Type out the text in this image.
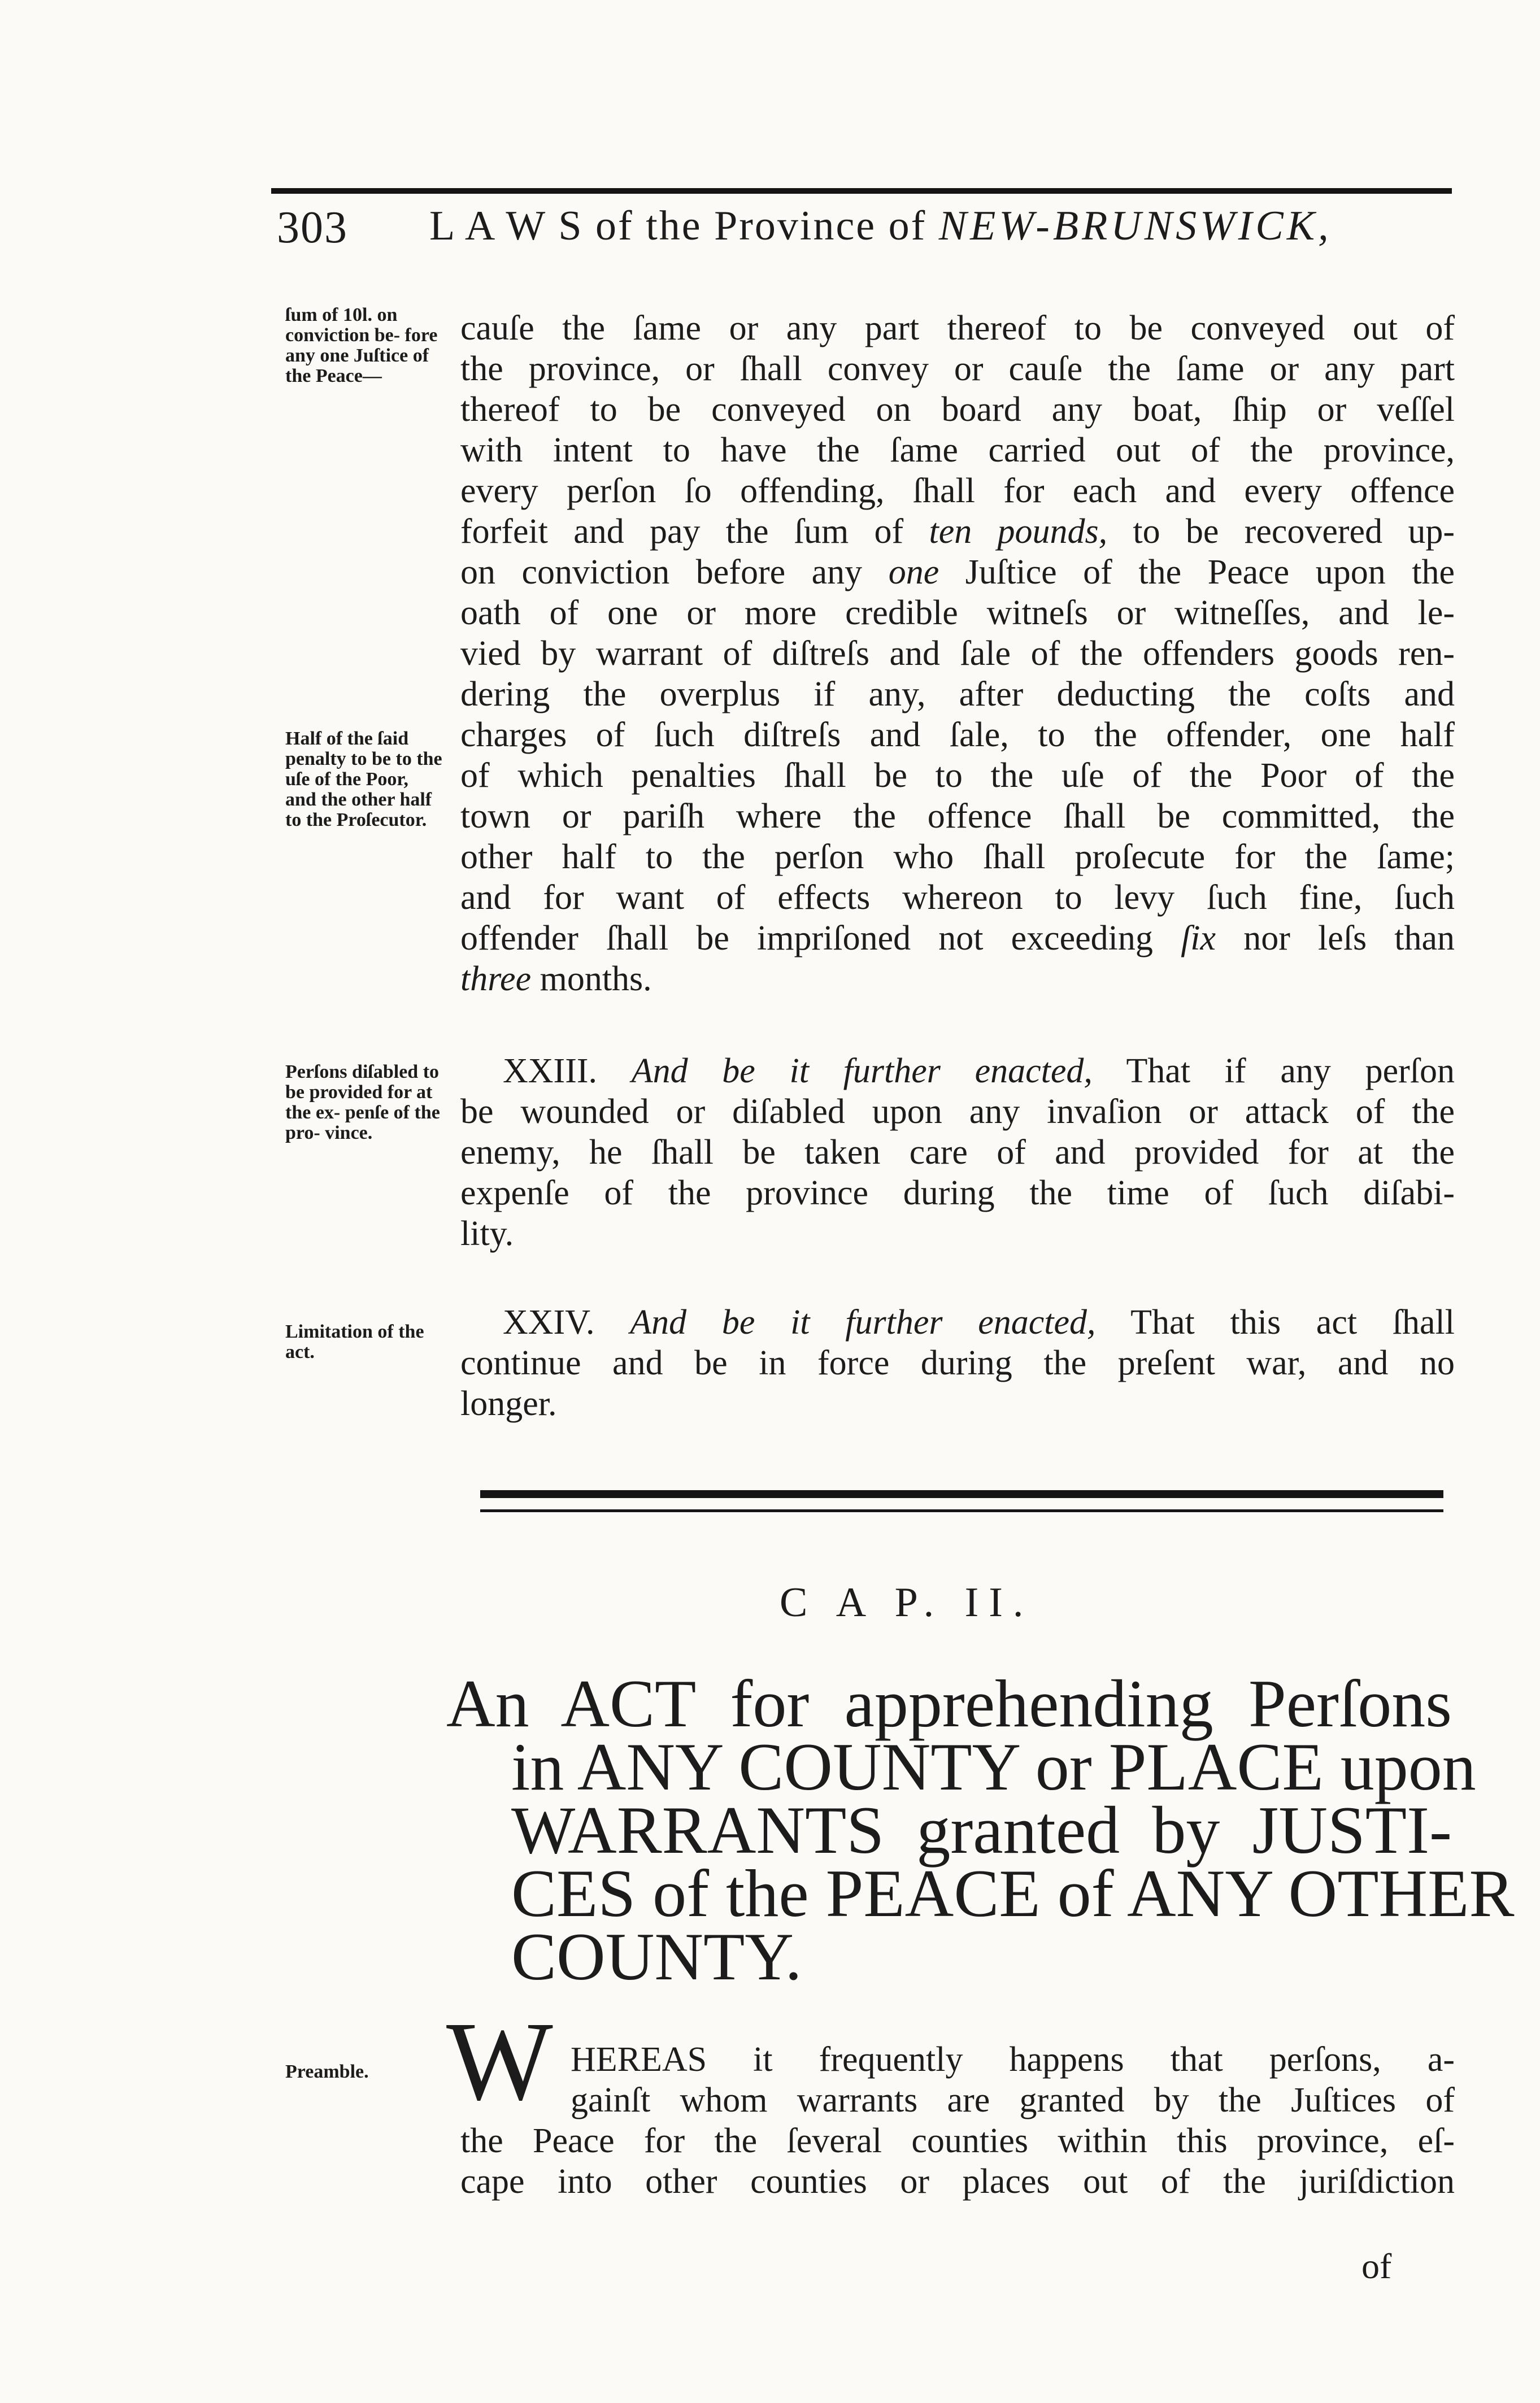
303 L A W S of the Province of NEW-BRUNSWICK,
ſum of 10l. on conviction be- fore any one Juſtice of the Peace—
Half of the ſaid penalty to be to the uſe of the Poor, and the other half to the Proſecutor.
Perſons diſabled to be provided for at the ex- penſe of the pro- vince.
Limitation of the act.
Preamble.
cauſe the ſame or any part thereof to be conveyed out of
the province, or ſhall convey or cauſe the ſame or any part
thereof to be conveyed on board any boat, ſhip or veſſel
with intent to have the ſame carried out of the province,
every perſon ſo offending, ſhall for each and every offence
forfeit and pay the ſum of ten pounds, to be recovered up-
on conviction before any one Juſtice of the Peace upon the
oath of one or more credible witneſs or witneſſes, and le-
vied by warrant of diſtreſs and ſale of the offenders goods ren-
dering the overplus if any, after deducting the coſts and
charges of ſuch diſtreſs and ſale, to the offender, one half
of which penalties ſhall be to the uſe of the Poor of the
town or pariſh where the offence ſhall be committed, the
other half to the perſon who ſhall proſecute for the ſame;
and for want of effects whereon to levy ſuch fine, ſuch
offender ſhall be impriſoned not exceeding ſix nor leſs than
three months.
XXIII. And be it further enacted, That if any perſon
be wounded or diſabled upon any invaſion or attack of the
enemy, he ſhall be taken care of and provided for at the
expenſe of the province during the time of ſuch diſabi-
lity.
XXIV. And be it further enacted, That this act ſhall
continue and be in force during the preſent war, and no
longer.
C A P. II.
An ACT for apprehending Perſons
in ANY COUNTY or PLACE upon
WARRANTS granted by JUSTI-
CES of the PEACE of ANY OTHER
COUNTY.
W HEREAS it frequently happens that perſons, a-
gainſt whom warrants are granted by the Juſtices of
the Peace for the ſeveral counties within this province, eſ-
cape into other counties or places out of the juriſdiction
of
